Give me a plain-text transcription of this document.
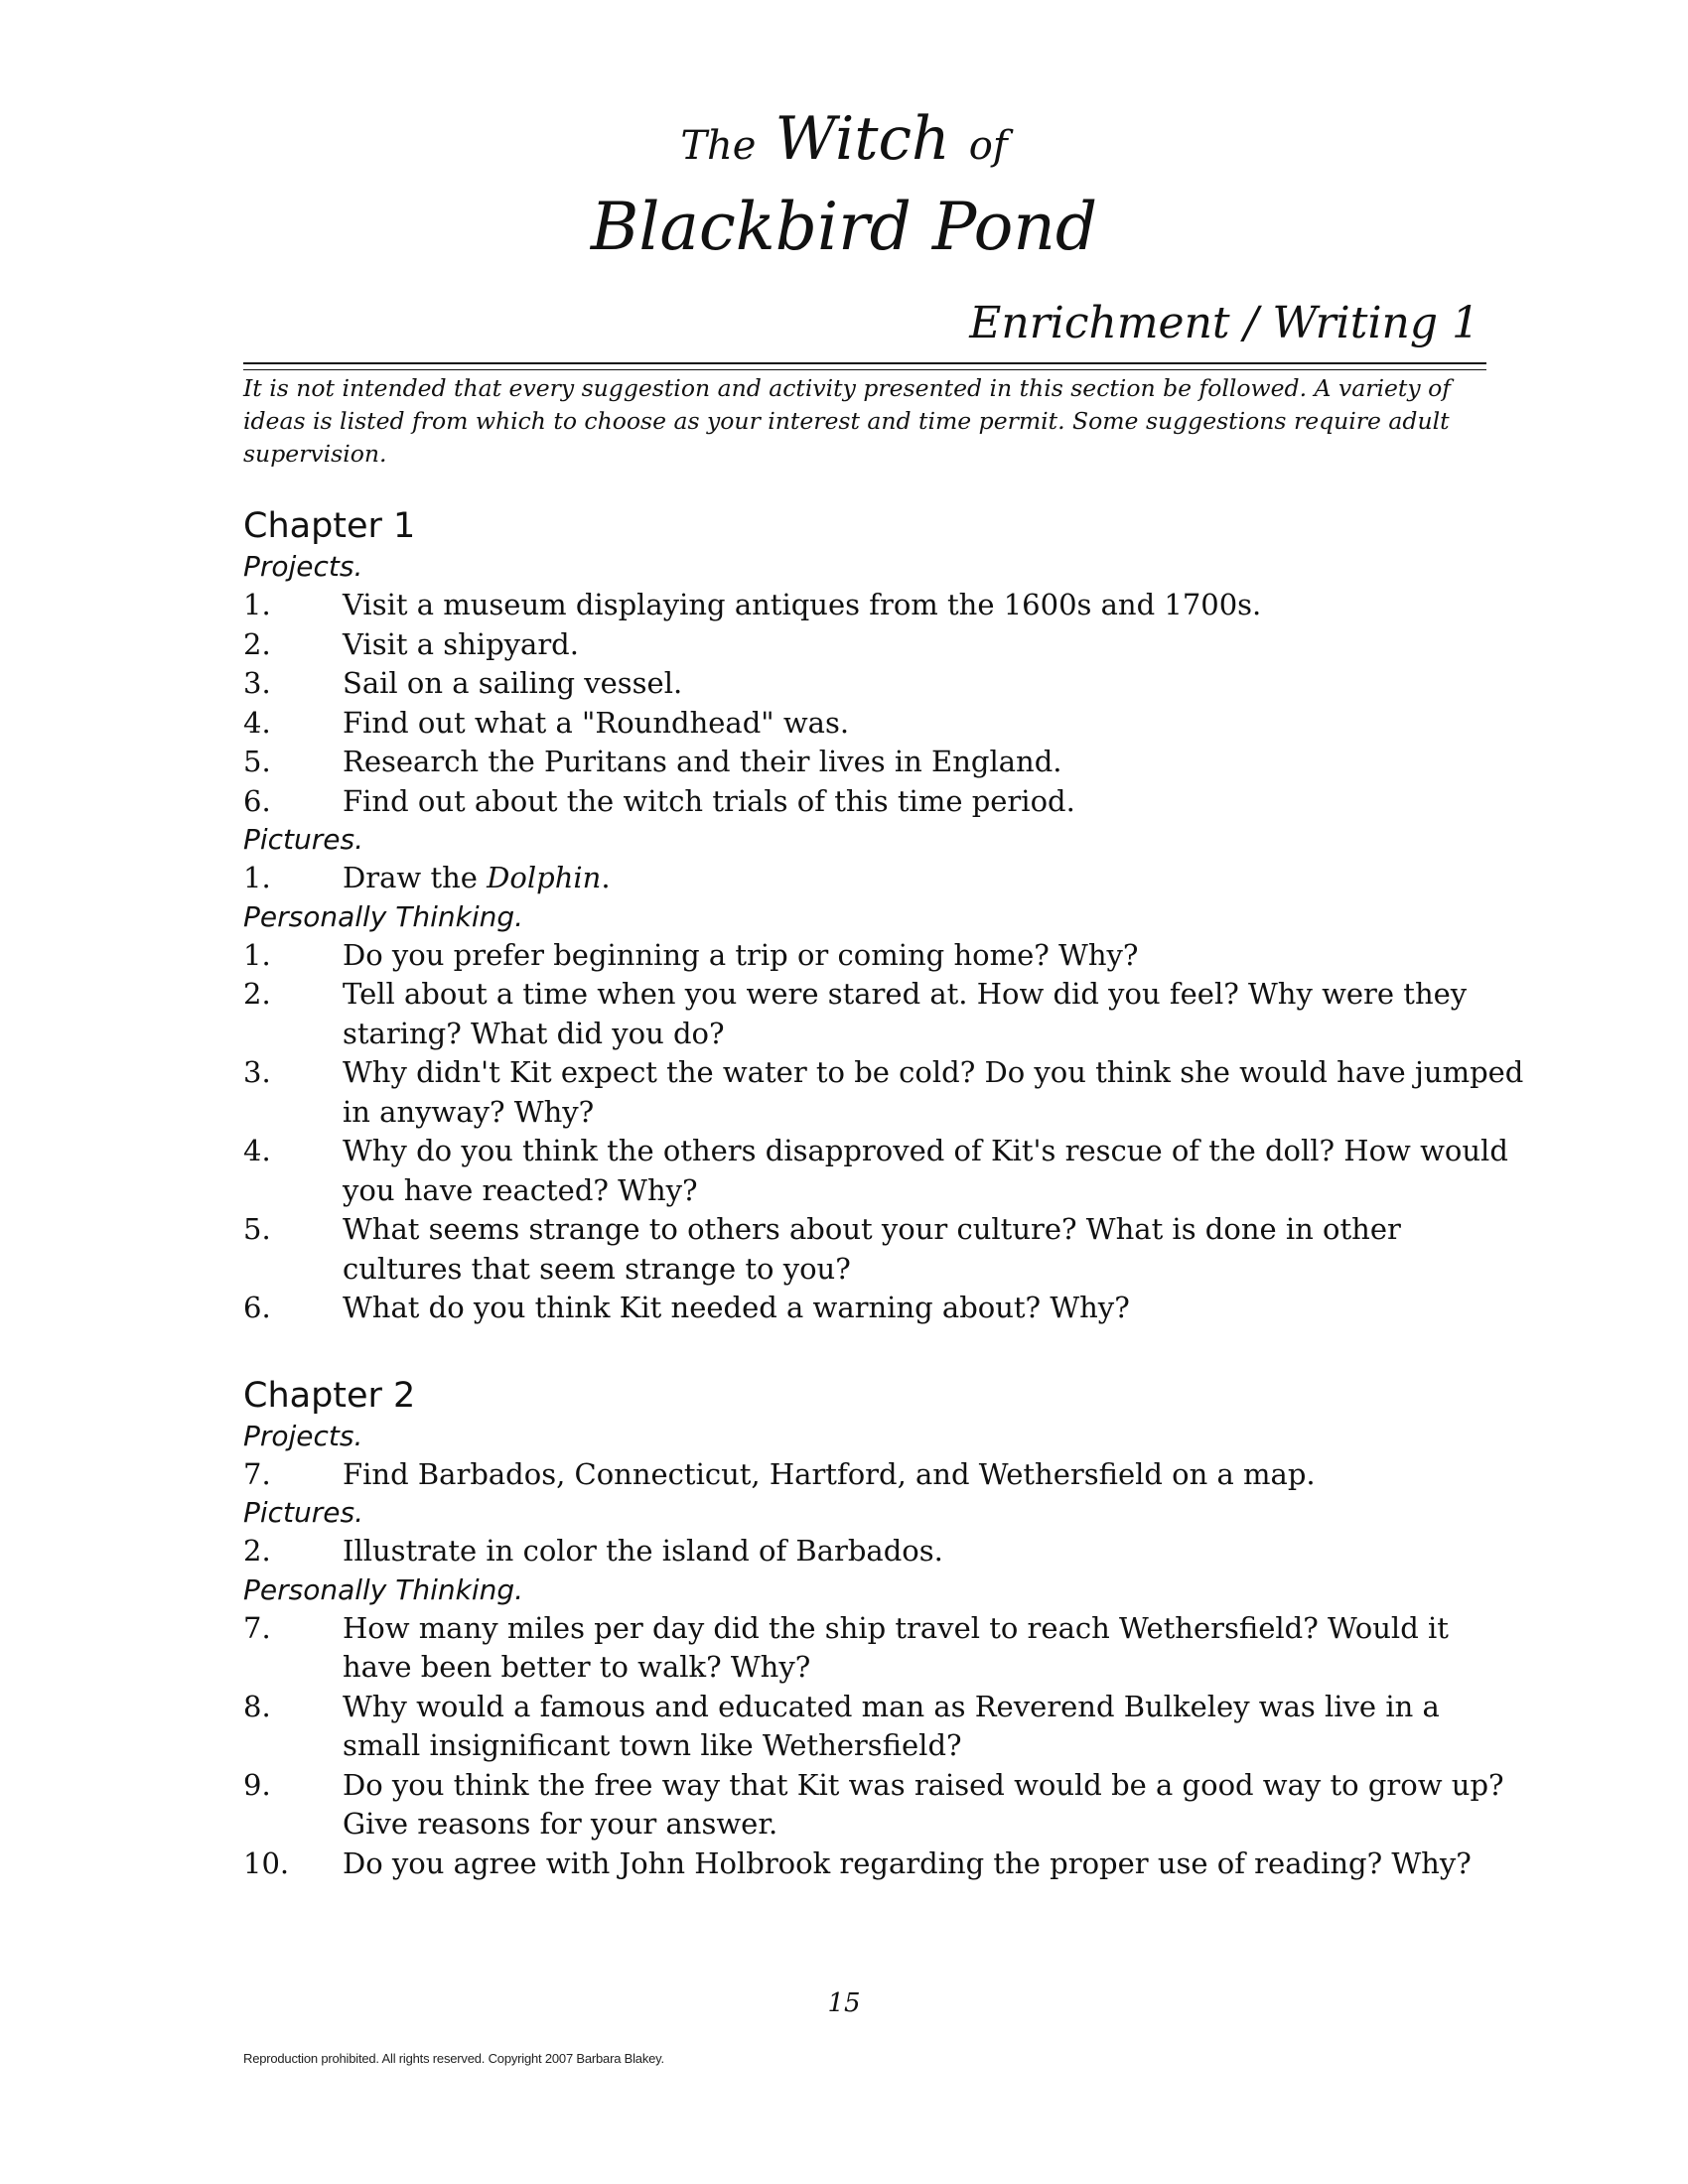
The Witch of
Blackbird Pond
Enrichment / Writing 1
It is not intended that every suggestion and activity presented in this section be followed. A variety of ideas is listed from which to choose as your interest and time permit. Some suggestions require adult supervision.
Chapter 1
Projects.
1.	Visit a museum displaying antiques from the 1600s and 1700s.
2.	Visit a shipyard.
3.	Sail on a sailing vessel.
4.	Find out what a "Roundhead" was.
5.	Research the Puritans and their lives in England.
6.	Find out about the witch trials of this time period.
Pictures.
1.	Draw the Dolphin.
Personally Thinking.
1.	Do you prefer beginning a trip or coming home? Why?
2.	Tell about a time when you were stared at. How did you feel? Why were they staring? What did you do?
3.	Why didn't Kit expect the water to be cold? Do you think she would have jumped in anyway? Why?
4.	Why do you think the others disapproved of Kit's rescue of the doll? How would you have reacted? Why?
5.	What seems strange to others about your culture? What is done in other cultures that seem strange to you?
6.	What do you think Kit needed a warning about? Why?
Chapter 2
Projects.
7.	Find Barbados, Connecticut, Hartford, and Wethersfield on a map.
Pictures.
2.	Illustrate in color the island of Barbados.
Personally Thinking.
7.	How many miles per day did the ship travel to reach Wethersfield? Would it have been better to walk? Why?
8.	Why would a famous and educated man as Reverend Bulkeley was live in a small insignificant town like Wethersfield?
9.	Do you think the free way that Kit was raised would be a good way to grow up? Give reasons for your answer.
10.	Do you agree with John Holbrook regarding the proper use of reading? Why?
15
Reproduction prohibited. All rights reserved. Copyright 2007 Barbara Blakey.
